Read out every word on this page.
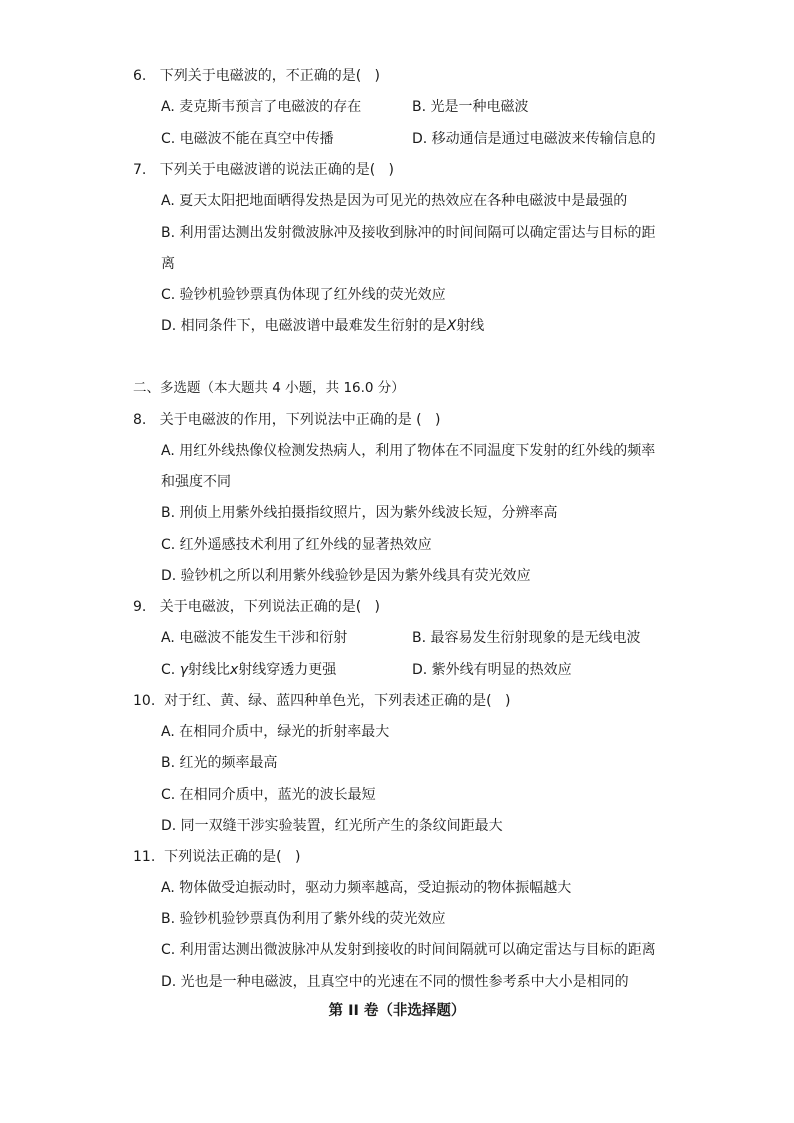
6.   下列关于电磁波的，不正确的是(   )
A. 麦克斯韦预言了电磁波的存在	B. 光是一种电磁波
C. 电磁波不能在真空中传播	D. 移动通信是通过电磁波来传输信息的
7.   下列关于电磁波谱的说法正确的是(   )
A. 夏天太阳把地面晒得发热是因为可见光的热效应在各种电磁波中是最强的
B. 利用雷达测出发射微波脉冲及接收到脉冲的时间间隔可以确定雷达与目标的距
离
C. 验钞机验钞票真伪体现了红外线的荧光效应
D. 相同条件下，电磁波谱中最难发生衍射的是X射线
二、多选题（本大题共 4 小题，共 16.0 分）
8.   关于电磁波的作用，下列说法中正确的是 (   )
A. 用红外线热像仪检测发热病人，利用了物体在不同温度下发射的红外线的频率
和强度不同
B. 刑侦上用紫外线拍摄指纹照片，因为紫外线波长短，分辨率高
C. 红外遥感技术利用了红外线的显著热效应
D. 验钞机之所以利用紫外线验钞是因为紫外线具有荧光效应
9.   关于电磁波，下列说法正确的是(   )
A. 电磁波不能发生干涉和衍射	B. 最容易发生衍射现象的是无线电波
C. γ射线比x射线穿透力更强	D. 紫外线有明显的热效应
10.  对于红、黄、绿、蓝四种单色光，下列表述正确的是(   )
A. 在相同介质中，绿光的折射率最大
B. 红光的频率最高
C. 在相同介质中，蓝光的波长最短
D. 同一双缝干涉实验装置，红光所产生的条纹间距最大
11.  下列说法正确的是(   )
A. 物体做受迫振动时，驱动力频率越高，受迫振动的物体振幅越大
B. 验钞机验钞票真伪利用了紫外线的荧光效应
C. 利用雷达测出微波脉冲从发射到接收的时间间隔就可以确定雷达与目标的距离
D. 光也是一种电磁波，且真空中的光速在不同的惯性参考系中大小是相同的
第 II 卷（非选择题）
